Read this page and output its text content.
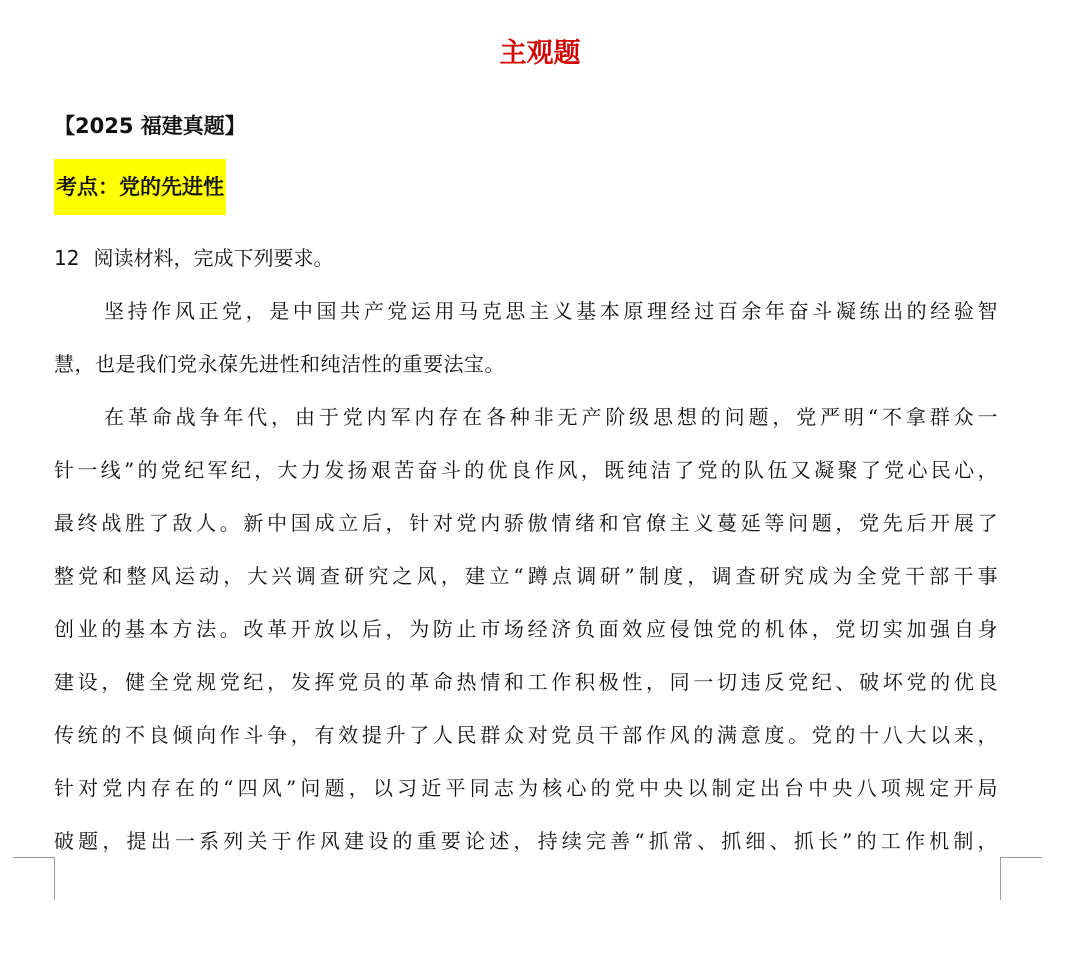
主观题
【2025 福建真题】
考点：党的先进性
12 阅读材料，完成下列要求。
坚持作风正党，是中国共产党运用马克思主义基本原理经过百余年奋斗凝练出的经验智
慧，也是我们党永葆先进性和纯洁性的重要法宝。
在革命战争年代，由于党内军内存在各种非无产阶级思想的问题，党严明“不拿群众一
针一线”的党纪军纪，大力发扬艰苦奋斗的优良作风，既纯洁了党的队伍又凝聚了党心民心，
最终战胜了敌人。新中国成立后，针对党内骄傲情绪和官僚主义蔓延等问题，党先后开展了
整党和整风运动，大兴调查研究之风，建立“蹲点调研”制度，调查研究成为全党干部干事
创业的基本方法。改革开放以后，为防止市场经济负面效应侵蚀党的机体，党切实加强自身
建设，健全党规党纪，发挥党员的革命热情和工作积极性，同一切违反党纪、破坏党的优良
传统的不良倾向作斗争，有效提升了人民群众对党员干部作风的满意度。党的十八大以来，
针对党内存在的“四风”问题，以习近平同志为核心的党中央以制定出台中央八项规定开局
破题，提出一系列关于作风建设的重要论述，持续完善“抓常、抓细、抓长”的工作机制，
